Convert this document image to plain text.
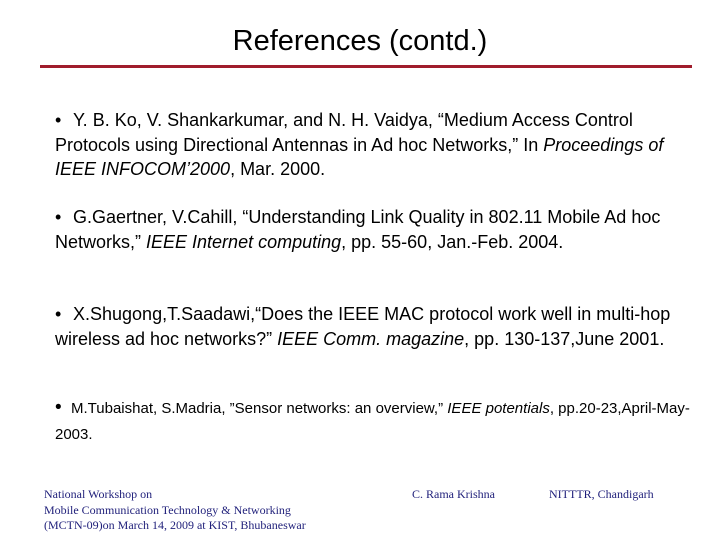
References (contd.)
• Y. B. Ko, V. Shankarkumar, and N. H. Vaidya, “Medium Access Control Protocols using Directional Antennas in Ad hoc Networks,” In Proceedings of IEEE INFOCOM’2000, Mar. 2000.
• G.Gaertner, V.Cahill, “Understanding Link Quality in 802.11 Mobile Ad hoc Networks,” IEEE Internet computing, pp. 55-60, Jan.-Feb. 2004.
• X.Shugong,T.Saadawi,“Does the IEEE MAC protocol work well in multi-hop wireless ad hoc networks?” IEEE Comm. magazine, pp. 130-137,June 2001.
• M.Tubaishat, S.Madria, ”Sensor networks: an overview,” IEEE potentials, pp.20-23,April-May-2003.
National Workshop on
Mobile Communication Technology & Networking
(MCTN-09)on March 14, 2009 at KIST, Bhubaneswar
C. Rama Krishna	NITTTR, Chandigarh
